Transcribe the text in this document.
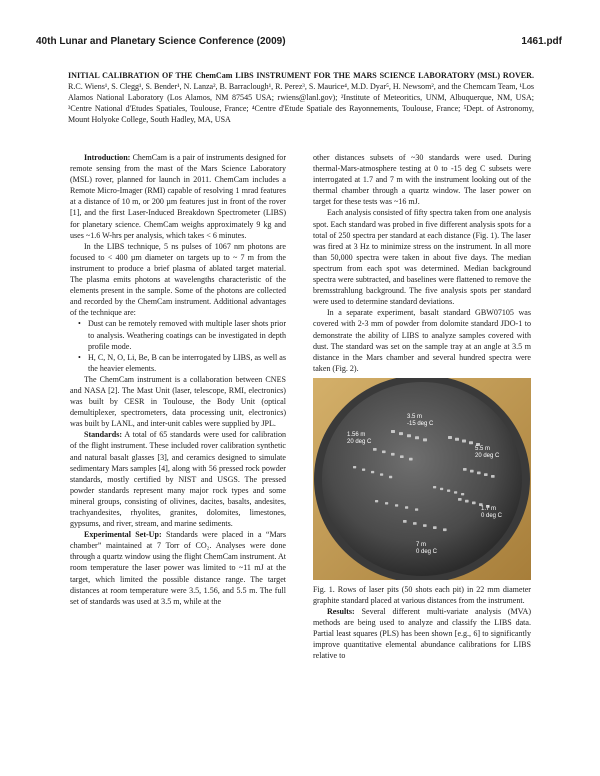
40th Lunar and Planetary Science Conference (2009)	1461.pdf
INITIAL CALIBRATION OF THE ChemCam LIBS INSTRUMENT FOR THE MARS SCIENCE LABORATORY (MSL) ROVER. R.C. Wiens¹, S. Clegg¹, S. Bender¹, N. Lanza², B. Barraclough¹, R. Perez³, S. Maurice⁴, M.D. Dyar⁵, H. Newsom², and the Chemcam Team, ¹Los Alamos National Laboratory (Los Alamos, NM 87545 USA; rwiens@lanl.gov); ²Institute of Meteoritics, UNM, Albuquerque, NM, USA; ³Centre National d'Etudes Spatiales, Toulouse, France; ⁴Centre d'Etude Spatiale des Rayonnements, Toulouse, France; ⁵Dept. of Astronomy, Mount Holyoke College, South Hadley, MA, USA

Introduction: ChemCam is a pair of instruments designed for remote sensing from the mast of the Mars Science Laboratory (MSL) rover, planned for launch in 2011. ChemCam includes a Remote Micro-Imager (RMI) capable of resolving 1 mrad features at a distance of 10 m, or 200 µm features just in front of the rover [1], and the first Laser-Induced Breakdown Spectrometer (LIBS) for planetary science. ChemCam weighs approximately 9 kg and uses ~1.6 W-hrs per analysis, which takes < 6 minutes.

In the LIBS technique, 5 ns pulses of 1067 nm photons are focused to < 400 µm diameter on targets up to ~ 7 m from the instrument to produce a brief plasma of ablated target material. The plasma emits photons at wavelengths characteristic of the elements present in the sample. Some of the photons are collected and recorded by the ChemCam instrument. Additional advantages of the technique are:

• Dust can be remotely removed with multiple laser shots prior to analysis. Weathering coatings can be investigated in depth profile mode.
• H, C, N, O, Li, Be, B can be interrogated by LIBS, as well as the heavier elements.

The ChemCam instrument is a collaboration between CNES and NASA [2]. The Mast Unit (laser, telescope, RMI, electronics) was built by CESR in Toulouse, the Body Unit (optical demultiplexer, spectrometers, data processing unit, electronics) was built by LANL, and inter-unit cables were supplied by JPL.

Standards: A total of 65 standards were used for calibration of the flight instrument. These included rover calibration synthetic and natural basalt glasses [3], and ceramics designed to simulate sedimentary Mars samples [4], along with 56 pressed rock powder standards, mostly certified by NIST and USGS. The pressed powder standards represent many major rock types and some mineral groups, consisting of olivines, dacites, basalts, andesites, trachyandesites, rhyolites, granites, dolomites, limestones, gypsums, and river, stream, and marine sediments.

Experimental Set-Up: Standards were placed in a “Mars chamber” maintained at 7 Torr of CO₂. Analyses were done through a quartz window using the flight ChemCam instrument. At room temperature the laser power was limited to ~11 mJ at the target, which limited the possible distance range. The target distances at room temperature were 3.5, 1.56, and 5.5 m. The full set of standards was used at 3.5 m, while at the

other distances subsets of ~30 standards were used. During thermal-Mars-atmosphere testing at 0 to -15 deg C subsets were interrogated at 1.7 and 7 m with the instrument looking out of the thermal chamber through a quartz window. The laser power on target for these tests was ~16 mJ.

Each analysis consisted of fifty spectra taken from one analysis spot. Each standard was probed in five different analysis spots for a total of 250 spectra per standard at each distance (Fig. 1). The laser was fired at 3 Hz to minimize stress on the instrument. In all more than 50,000 spectra were taken in about five days. The median spectrum from each spot was determined. Median background spectra were subtracted, and baselines were flattened to remove the bremsstrahlung background. The five analysis spots per standard were used to determine standard deviations.

In a separate experiment, basalt standard GBW07105 was covered with 2-3 mm of powder from dolomite standard JDO-1 to demonstrate the ability of LIBS to analyze samples covered with dust. The standard was set on the sample tray at an angle at 3.5 m distance in the Mars chamber and several hundred spectra were taken (Fig. 2).

3.5 m
-15 deg C
1.56 m
20 deg C
5.5 m
20 deg C
1.7 m
0 deg C
7 m
0 deg C

Fig. 1. Rows of laser pits (50 shots each pit) in 22 mm diameter graphite standard placed at various distances from the instrument.

Results: Several different multi-variate analysis (MVA) methods are being used to analyze and classify the LIBS data. Partial least squares (PLS) has been shown [e.g., 6] to significantly improve quantitative elemental abundance calibrations for LIBS relative to
